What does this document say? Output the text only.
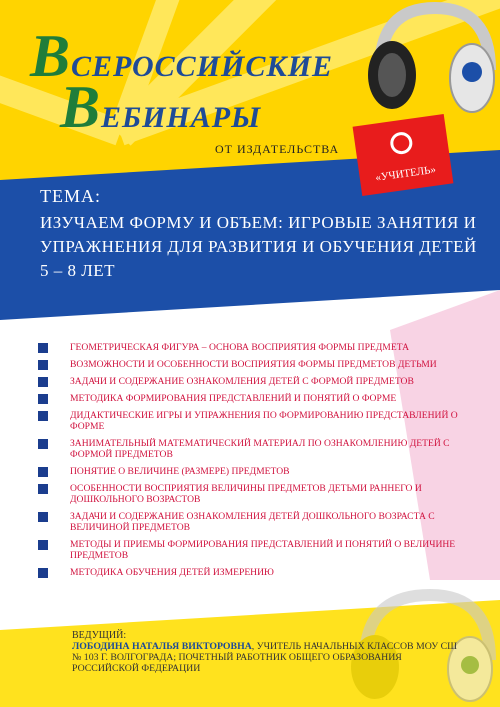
ВСЕРОССИЙСКИЕ
ВЕБИНАРЫ
ОТ ИЗДАТЕЛЬСТВА
«УЧИТЕЛЬ»
ТЕМА:
ИЗУЧАЕМ ФОРМУ И ОБЪЕМ: ИГРОВЫЕ ЗАНЯТИЯ И УПРАЖНЕНИЯ ДЛЯ РАЗВИТИЯ И ОБУЧЕНИЯ ДЕТЕЙ 5 – 8 ЛЕТ
ГЕОМЕТРИЧЕСКАЯ ФИГУРА – ОСНОВА ВОСПРИЯТИЯ ФОРМЫ ПРЕДМЕТА
ВОЗМОЖНОСТИ И ОСОБЕННОСТИ ВОСПРИЯТИЯ ФОРМЫ ПРЕДМЕТОВ ДЕТЬМИ
ЗАДАЧИ И СОДЕРЖАНИЕ ОЗНАКОМЛЕНИЯ ДЕТЕЙ С ФОРМОЙ ПРЕДМЕТОВ
МЕТОДИКА ФОРМИРОВАНИЯ ПРЕДСТАВЛЕНИЙ И ПОНЯТИЙ О ФОРМЕ
ДИДАКТИЧЕСКИЕ ИГРЫ И УПРАЖНЕНИЯ ПО ФОРМИРОВАНИЮ ПРЕДСТАВЛЕНИЙ О ФОРМЕ
ЗАНИМАТЕЛЬНЫЙ МАТЕМАТИЧЕСКИЙ МАТЕРИАЛ ПО ОЗНАКОМЛЕНИЮ ДЕТЕЙ С ФОРМОЙ ПРЕДМЕТОВ
ПОНЯТИЕ О ВЕЛИЧИНЕ (РАЗМЕРЕ) ПРЕДМЕТОВ
ОСОБЕННОСТИ ВОСПРИЯТИЯ ВЕЛИЧИНЫ ПРЕДМЕТОВ ДЕТЬМИ РАННЕГО И ДОШКОЛЬНОГО ВОЗРАСТОВ
ЗАДАЧИ И СОДЕРЖАНИЕ ОЗНАКОМЛЕНИЯ ДЕТЕЙ ДОШКОЛЬНОГО ВОЗРАСТА С ВЕЛИЧИНОЙ ПРЕДМЕТОВ
МЕТОДЫ И ПРИЕМЫ ФОРМИРОВАНИЯ ПРЕДСТАВЛЕНИЙ И ПОНЯТИЙ О ВЕЛИЧИНЕ ПРЕДМЕТОВ
МЕТОДИКА ОБУЧЕНИЯ ДЕТЕЙ ИЗМЕРЕНИЮ
ВЕДУЩИЙ:
ЛОБОДИНА НАТАЛЬЯ ВИКТОРОВНА, УЧИТЕЛЬ НАЧАЛЬНЫХ КЛАССОВ МОУ СШ № 103 Г. ВОЛГОГРАДА; ПОЧЕТНЫЙ РАБОТНИК ОБЩЕГО ОБРАЗОВАНИЯ РОССИЙСКОЙ ФЕДЕРАЦИИ
